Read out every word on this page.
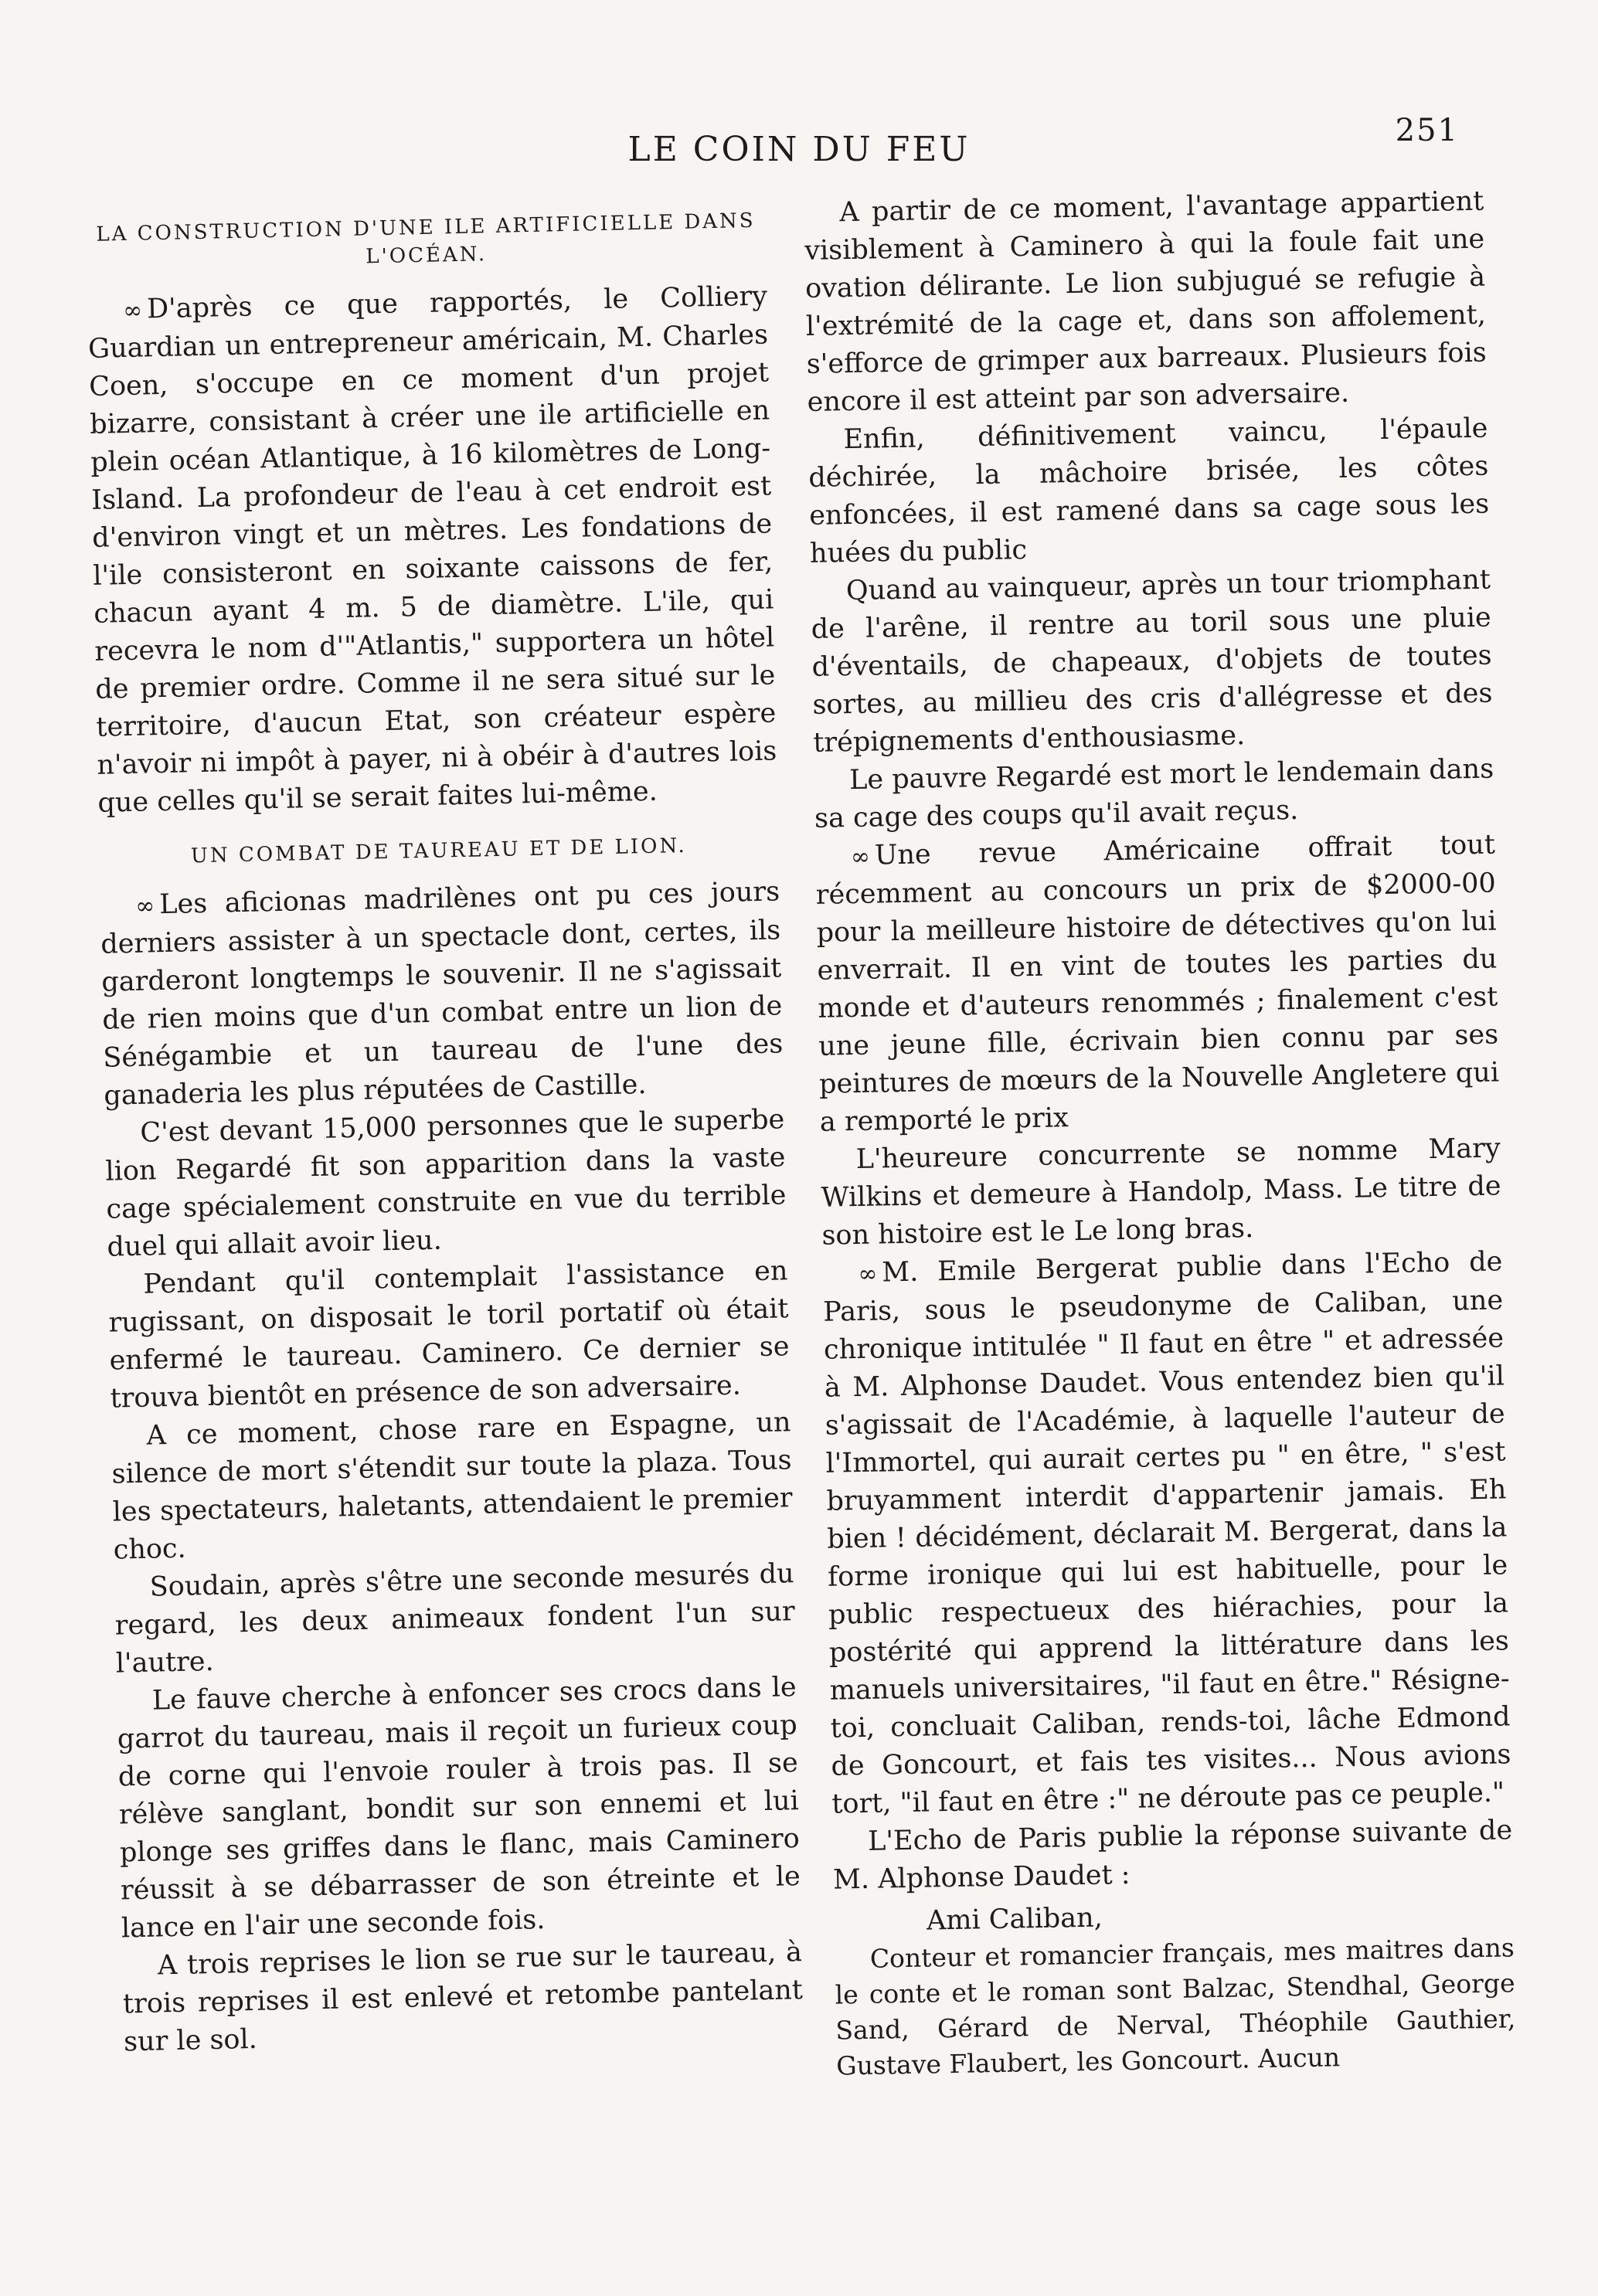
251
LE COIN DU FEU
LA CONSTRUCTION D'UNE ILE ARTIFICIELLE DANS L'OCÉAN.

∞ D'après ce que rapportés, le Colliery Guardian un entrepreneur américain, M. Charles Coen, s'occupe en ce moment d'un projet bizarre, consistant à créer une ile artificielle en plein océan Atlantique, à 16 kilomètres de Long-Island. La profondeur de l'eau à cet endroit est d'environ vingt et un mètres. Les fondations de l'ile consisteront en soixante caissons de fer, chacun ayant 4 m. 5 de diamètre. L'ile, qui recevra le nom d'"Atlantis," supportera un hôtel de premier ordre. Comme il ne sera situé sur le territoire, d'aucun Etat, son créateur espère n'avoir ni impôt à payer, ni à obéir à d'autres lois que celles qu'il se serait faites lui-même.

UN COMBAT DE TAUREAU ET DE LION.

∞ Les aficionas madrilènes ont pu ces jours derniers assister à un spectacle dont, certes, ils garderont longtemps le souvenir. Il ne s'agissait de rien moins que d'un combat entre un lion de Sénégambie et un taureau de l'une des ganaderia les plus réputées de Castille.

C'est devant 15,000 personnes que le superbe lion Regardé fit son apparition dans la vaste cage spécialement construite en vue du terrible duel qui allait avoir lieu.

Pendant qu'il contemplait l'assistance en rugissant, on disposait le toril portatif où était enfermé le taureau. Caminero. Ce dernier se trouva bientôt en présence de son adversaire.

A ce moment, chose rare en Espagne, un silence de mort s'étendit sur toute la plaza. Tous les spectateurs, haletants, attendaient le premier choc.

Soudain, après s'être une seconde mesurés du regard, les deux animeaux fondent l'un sur l'autre.

Le fauve cherche à enfoncer ses crocs dans le garrot du taureau, mais il reçoit un furieux coup de corne qui l'envoie rouler à trois pas. Il se rélève sanglant, bondit sur son ennemi et lui plonge ses griffes dans le flanc, mais Caminero réussit à se débarrasser de son étreinte et le lance en l'air une seconde fois.

A trois reprises le lion se rue sur le taureau, à trois reprises il est enlevé et retombe pantelant sur le sol.

A partir de ce moment, l'avantage appartient visiblement à Caminero à qui la foule fait une ovation délirante. Le lion subjugué se refugie à l'extrémité de la cage et, dans son affolement, s'efforce de grimper aux barreaux. Plusieurs fois encore il est atteint par son adversaire.

Enfin, définitivement vaincu, l'épaule déchirée, la mâchoire brisée, les côtes enfoncées, il est ramené dans sa cage sous les huées du public

Quand au vainqueur, après un tour triomphant de l'arêne, il rentre au toril sous une pluie d'éventails, de chapeaux, d'objets de toutes sortes, au millieu des cris d'allégresse et des trépignements d'enthousiasme.

Le pauvre Regardé est mort le lendemain dans sa cage des coups qu'il avait reçus.

∞ Une revue Américaine offrait tout récemment au concours un prix de $2000-00 pour la meilleure histoire de détectives qu'on lui enverrait. Il en vint de toutes les parties du monde et d'auteurs renommés ; finalement c'est une jeune fille, écrivain bien connu par ses peintures de mœurs de la Nouvelle Angletere qui a remporté le prix

L'heureure concurrente se nomme Mary Wilkins et demeure à Handolp, Mass. Le titre de son histoire est le Le long bras.

∞ M. Emile Bergerat publie dans l'Echo de Paris, sous le pseudonyme de Caliban, une chronique intitulée " Il faut en être " et adressée à M. Alphonse Daudet. Vous entendez bien qu'il s'agissait de l'Académie, à laquelle l'auteur de l'Immortel, qui aurait certes pu " en être, " s'est bruyamment interdit d'appartenir jamais. Eh bien ! décidément, déclarait M. Bergerat, dans la forme ironique qui lui est habituelle, pour le public respectueux des hiérachies, pour la postérité qui apprend la littérature dans les manuels universitaires, "il faut en être." Résigne-toi, concluait Caliban, rends-toi, lâche Edmond de Goncourt, et fais tes visites... Nous avions tort, "il faut en être :" ne déroute pas ce peuple."

L'Echo de Paris publie la réponse suivante de M. Alphonse Daudet :

Ami Caliban,

Conteur et romancier français, mes maitres dans le conte et le roman sont Balzac, Stendhal, George Sand, Gérard de Nerval, Théophile Gauthier, Gustave Flaubert, les Goncourt. Aucun
